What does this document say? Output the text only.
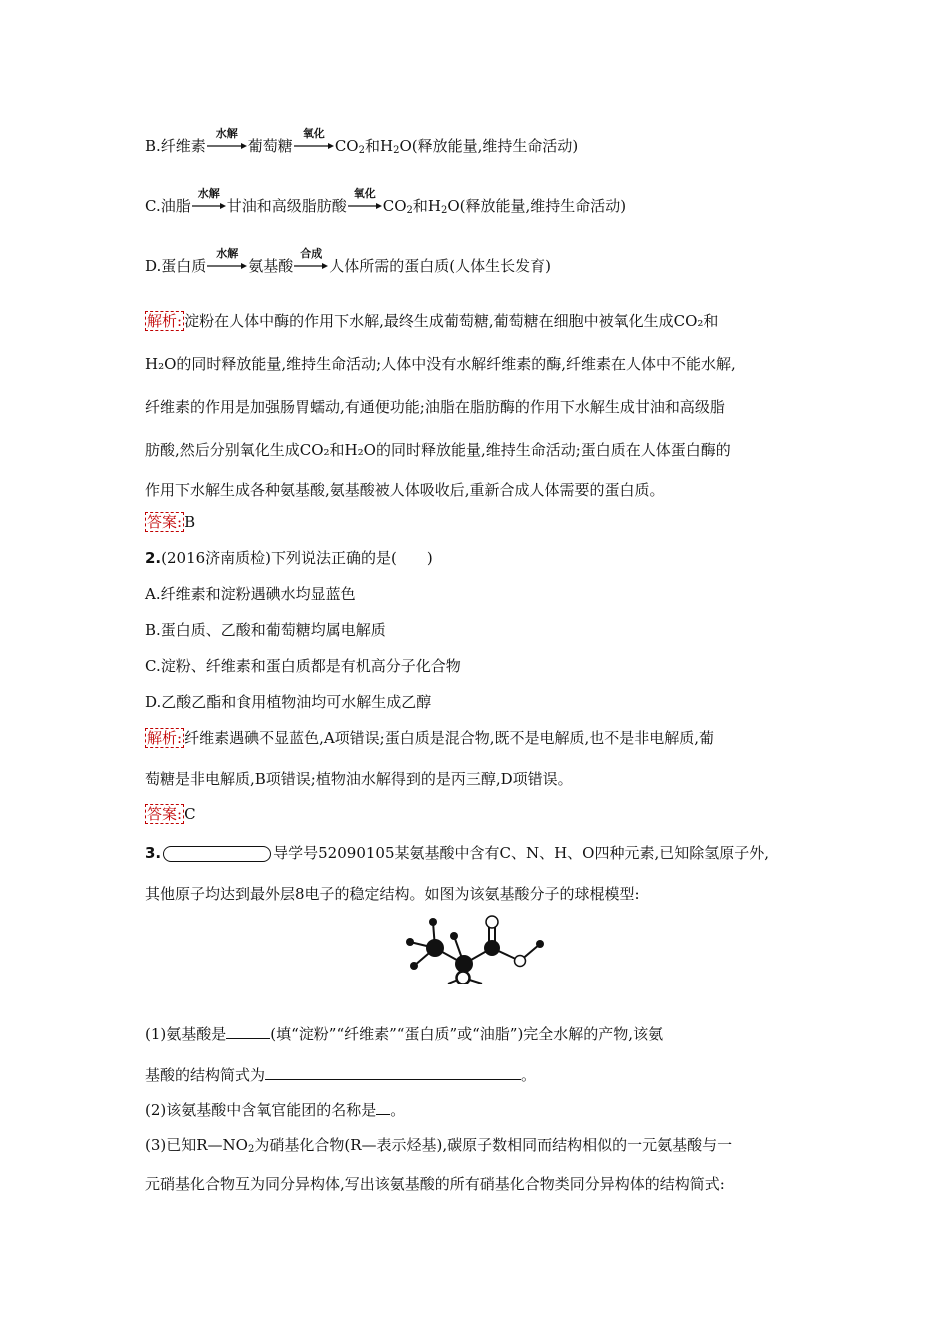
B.纤维素
水解
葡萄糖
氧化
$CO_2$和$H_2O$(释放能量,维持生命活动)
C.油脂
水解
甘油和高级脂肪酸
氧化
$CO_2$和$H_2O$(释放能量,维持生命活动)
D.蛋白质
水解
氨基酸
合成
人体所需的蛋白质(人体生长发育)
解析: 淀粉在人体中酶的作用下水解,最终生成葡萄糖,葡萄糖在细胞中被氧化生成CO₂和
H₂O的同时释放能量,维持生命活动;人体中没有水解纤维素的酶,纤维素在人体中不能水解,
纤维素的作用是加强肠胃蠕动,有通便功能;油脂在脂肪酶的作用下水解生成甘油和高级脂
肪酸,然后分别氧化生成CO₂和H₂O的同时释放能量,维持生命活动;蛋白质在人体蛋白酶的
作用下水解生成各种氨基酸,氨基酸被人体吸收后,重新合成人体需要的蛋白质。
答案: B
2.(2016济南质检)下列说法正确的是(　　)
A.纤维素和淀粉遇碘水均显蓝色
B.蛋白质、乙酸和葡萄糖均属电解质
C.淀粉、纤维素和蛋白质都是有机高分子化合物
D.乙酸乙酯和食用植物油均可水解生成乙醇
解析: 纤维素遇碘不显蓝色,A项错误;蛋白质是混合物,既不是电解质,也不是非电解质,葡
萄糖是非电解质,B项错误;植物油水解得到的是丙三醇,D项错误。
答案: C
3.	导学号52090105某氨基酸中含有C、N、H、O四种元素,已知除氢原子外,
其他原子均达到最外层8电子的稳定结构。如图为该氨基酸分子的球棍模型:
(1)氨基酸是	(填“淀粉”“纤维素”“蛋白质”或“油脂”)完全水解的产物,该氨
基酸的结构简式为	。
(2)该氨基酸中含氧官能团的名称是 。
(3)已知$R—NO_2$为硝基化合物(R—表示烃基),碳原子数相同而结构相似的一元氨基酸与一
元硝基化合物互为同分异构体,写出该氨基酸的所有硝基化合物类同分异构体的结构简式:
